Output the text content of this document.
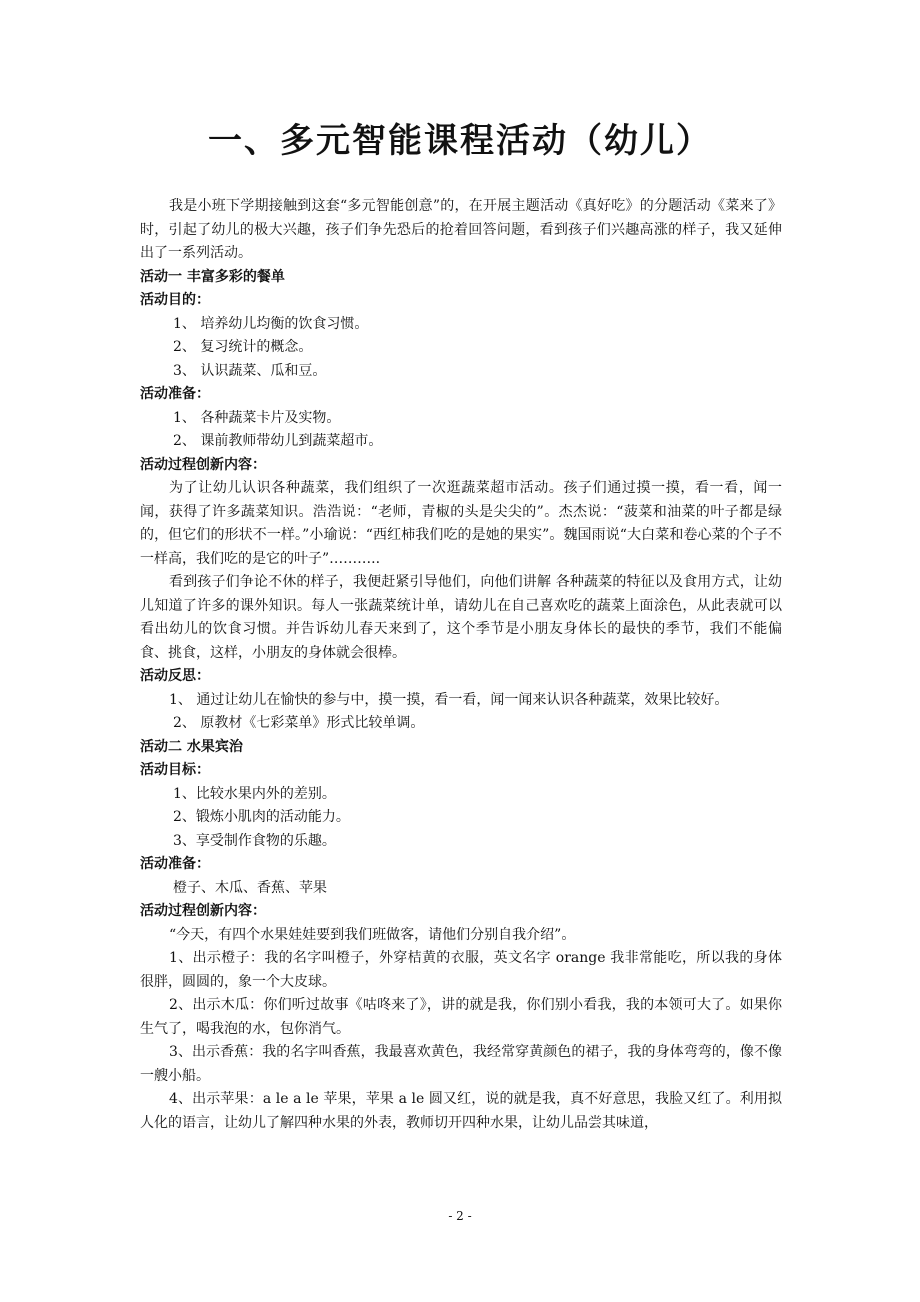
一、多元智能课程活动（幼儿）

我是小班下学期接触到这套“多元智能创意”的，在开展主题活动《真好吃》的分题活动《菜来了》时，引起了幼儿的极大兴趣，孩子们争先恐后的抢着回答问题，看到孩子们兴趣高涨的样子，我又延伸出了一系列活动。

活动一 丰富多彩的餐单

活动目的：

1、 培养幼儿均衡的饮食习惯。

2、 复习统计的概念。

3、 认识蔬菜、瓜和豆。

活动准备：

1、 各种蔬菜卡片及实物。

2、 课前教师带幼儿到蔬菜超市。

活动过程创新内容：

为了让幼儿认识各种蔬菜，我们组织了一次逛蔬菜超市活动。孩子们通过摸一摸，看一看，闻一闻，获得了许多蔬菜知识。浩浩说：“老师，青椒的头是尖尖的”。杰杰说：“菠菜和油菜的叶子都是绿的，但它们的形状不一样。”小瑜说：“西红柿我们吃的是她的果实”。魏国雨说“大白菜和卷心菜的个子不一样高，我们吃的是它的叶子”………..

看到孩子们争论不休的样子，我便赶紧引导他们，向他们讲解 各种蔬菜的特征以及食用方式，让幼儿知道了许多的课外知识。每人一张蔬菜统计单，请幼儿在自己喜欢吃的蔬菜上面涂色，从此表就可以看出幼儿的饮食习惯。并告诉幼儿春天来到了，这个季节是小朋友身体长的最快的季节，我们不能偏食、挑食，这样，小朋友的身体就会很棒。

活动反思：

1、 通过让幼儿在愉快的参与中，摸一摸，看一看，闻一闻来认识各种蔬菜，效果比较好。

2、 原教材《七彩菜单》形式比较单调。

活动二 水果宾治

活动目标：

1、比较水果内外的差别。

2、锻炼小肌肉的活动能力。

3、享受制作食物的乐趣。

活动准备：

橙子、木瓜、香蕉、苹果

活动过程创新内容：

“今天，有四个水果娃娃要到我们班做客，请他们分别自我介绍”。

1、出示橙子：我的名字叫橙子，外穿桔黄的衣服，英文名字 orange 我非常能吃，所以我的身体很胖，圆圆的，象一个大皮球。

2、出示木瓜：你们听过故事《咕咚来了》，讲的就是我，你们别小看我，我的本领可大了。如果你生气了，喝我泡的水，包你消气。

3、出示香蕉：我的名字叫香蕉，我最喜欢黄色，我经常穿黄颜色的裙子，我的身体弯弯的，像不像一艘小船。

4、出示苹果：a le a le 苹果，苹果 a le 圆又红，说的就是我，真不好意思，我脸又红了。利用拟人化的语言，让幼儿了解四种水果的外表，教师切开四种水果，让幼儿品尝其味道，

- 2 -
